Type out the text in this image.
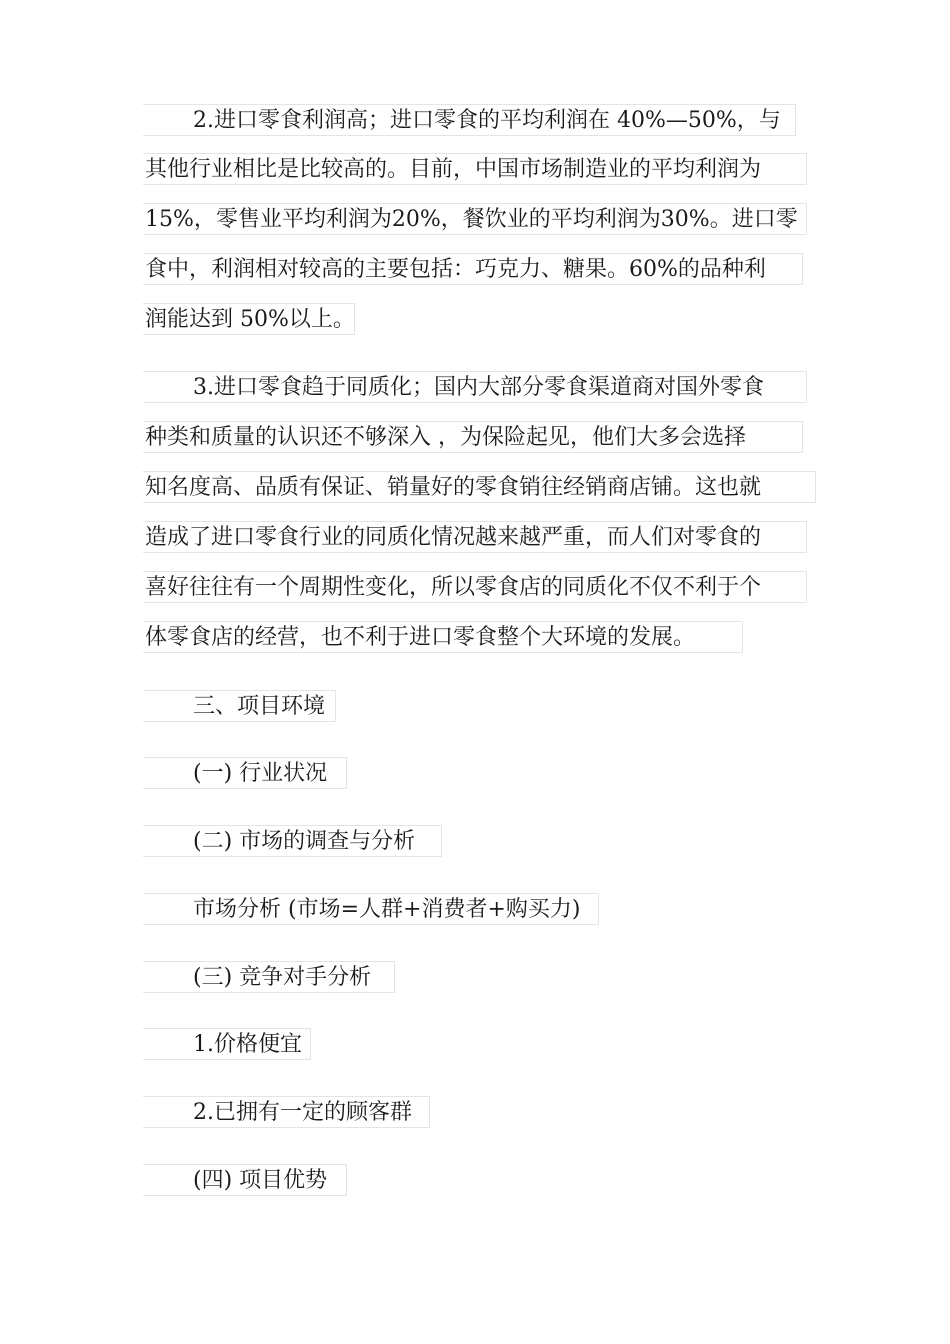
2.进口零食利润高；进口零食的平均利润在 40%—50%，与
其他行业相比是比较高的。目前，中国市场制造业的平均利润为
15%，零售业平均利润为20%，餐饮业的平均利润为30%。进口零
食中，利润相对较高的主要包括：巧克力、糖果。60%的品种利
润能达到 50%以上。
3.进口零食趋于同质化；国内大部分零食渠道商对国外零食
种类和质量的认识还不够深入 ，为保险起见，他们大多会选择
知名度高、品质有保证、销量好的零食销往经销商店铺。这也就
造成了进口零食行业的同质化情况越来越严重，而人们对零食的
喜好往往有一个周期性变化，所以零食店的同质化不仅不利于个
体零食店的经营，也不利于进口零食整个大环境的发展。
三、项目环境
(一) 行业状况
(二) 市场的调查与分析
市场分析 (市场=人群+消费者+购买力)
(三) 竞争对手分析
1.价格便宜
2.已拥有一定的顾客群
(四) 项目优势
